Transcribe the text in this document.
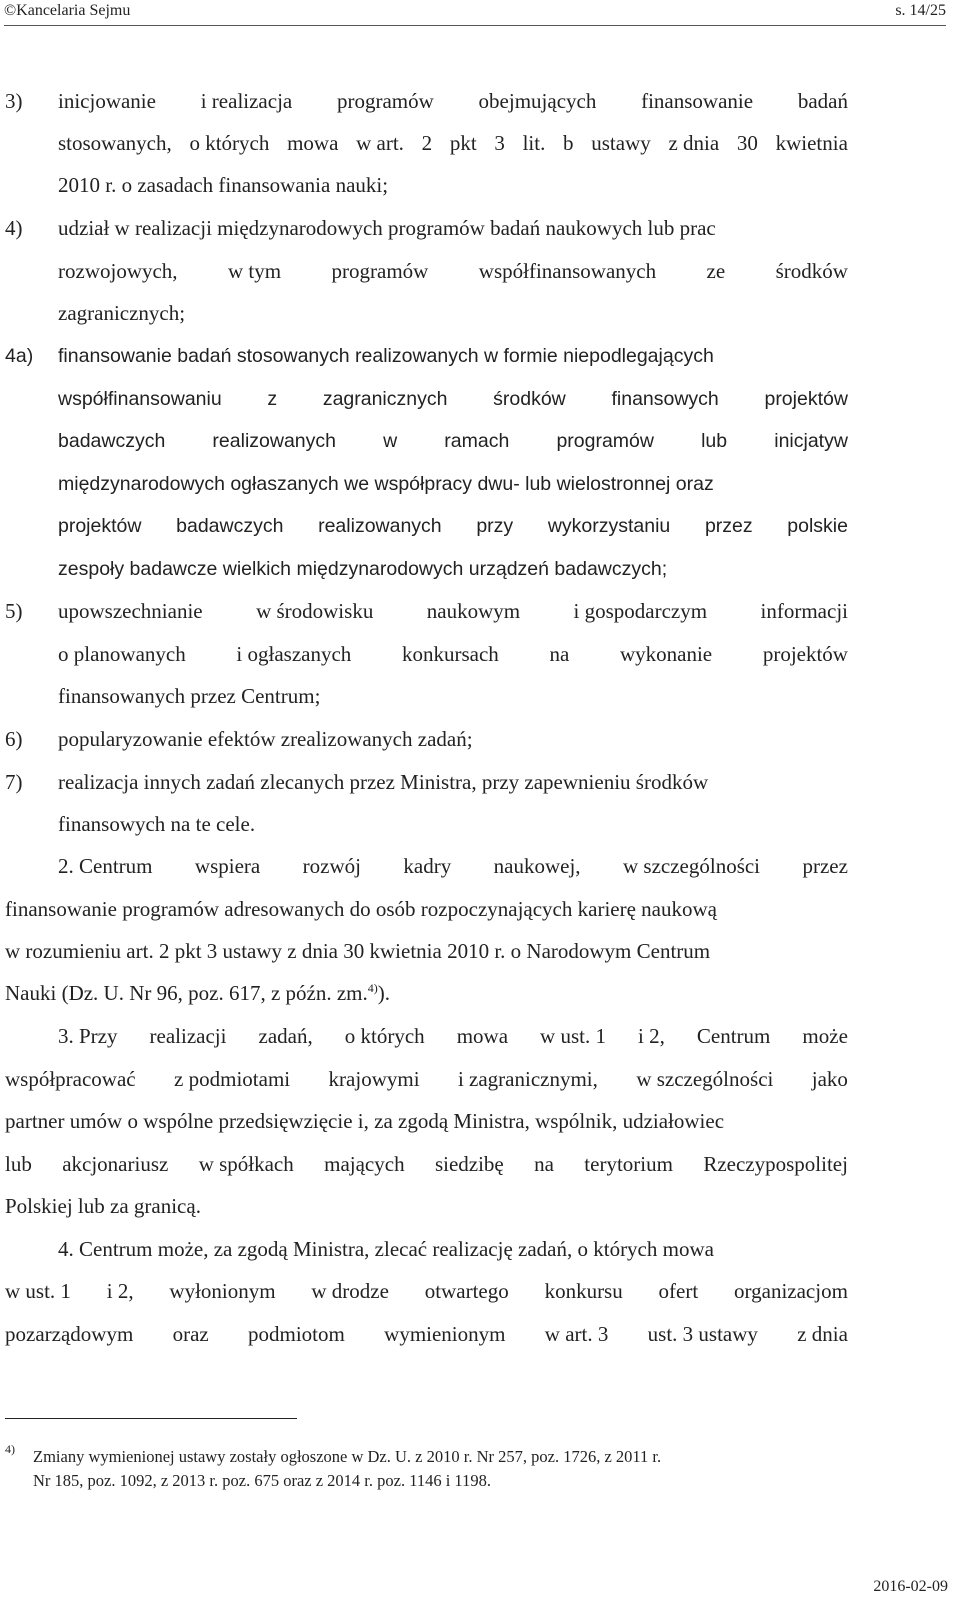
©Kancelaria Sejmu	s. 14/25
3) inicjowanie i realizacja programów obejmujących finansowanie badań
stosowanych, o których mowa w art. 2 pkt 3 lit. b ustawy z dnia 30 kwietnia
2010 r. o zasadach finansowania nauki;
4) udział w realizacji międzynarodowych programów badań naukowych lub prac
rozwojowych, w tym programów współfinansowanych ze środków
zagranicznych;
4a) finansowanie badań stosowanych realizowanych w formie niepodlegających
współfinansowaniu z zagranicznych środków finansowych projektów
badawczych realizowanych w ramach programów lub inicjatyw
międzynarodowych ogłaszanych we współpracy dwu- lub wielostronnej oraz
projektów badawczych realizowanych przy wykorzystaniu przez polskie
zespoły badawcze wielkich międzynarodowych urządzeń badawczych;
5) upowszechnianie	w środowisku	naukowym	i gospodarczym	informacji
o planowanych i ogłaszanych konkursach na wykonanie projektów
finansowanych przez Centrum;
6) popularyzowanie efektów zrealizowanych zadań;
7) realizacja innych zadań zlecanych przez Ministra, przy zapewnieniu środków
finansowych na te cele.
2. Centrum wspiera rozwój kadry naukowej, w szczególności przez
finansowanie programów adresowanych do osób rozpoczynających karierę naukową
w rozumieniu art. 2 pkt 3 ustawy z dnia 30 kwietnia 2010 r. o Narodowym Centrum
Nauki (Dz. U. Nr 96, poz. 617, z późn. zm.$^{4)}$).
3. Przy realizacji zadań, o których mowa w ust. 1 i 2, Centrum może
współpracować z podmiotami krajowymi i zagranicznymi, w szczególności jako
partner umów o wspólne przedsięwzięcie i, za zgodą Ministra, wspólnik, udziałowiec
lub akcjonariusz w spółkach mających siedzibę na terytorium Rzeczypospolitej
Polskiej lub za granicą.
4. Centrum może, za zgodą Ministra, zlecać realizację zadań, o których mowa
w ust. 1 i 2, wyłonionym w drodze otwartego konkursu ofert organizacjom
pozarządowym oraz podmiotom wymienionym w art. 3 ust. 3 ustawy z dnia
4) Zmiany wymienionej ustawy zostały ogłoszone w Dz. U. z 2010 r. Nr 257, poz. 1726, z 2011 r.
Nr 185, poz. 1092, z 2013 r. poz. 675 oraz z 2014 r. poz. 1146 i 1198.
2016-02-09
